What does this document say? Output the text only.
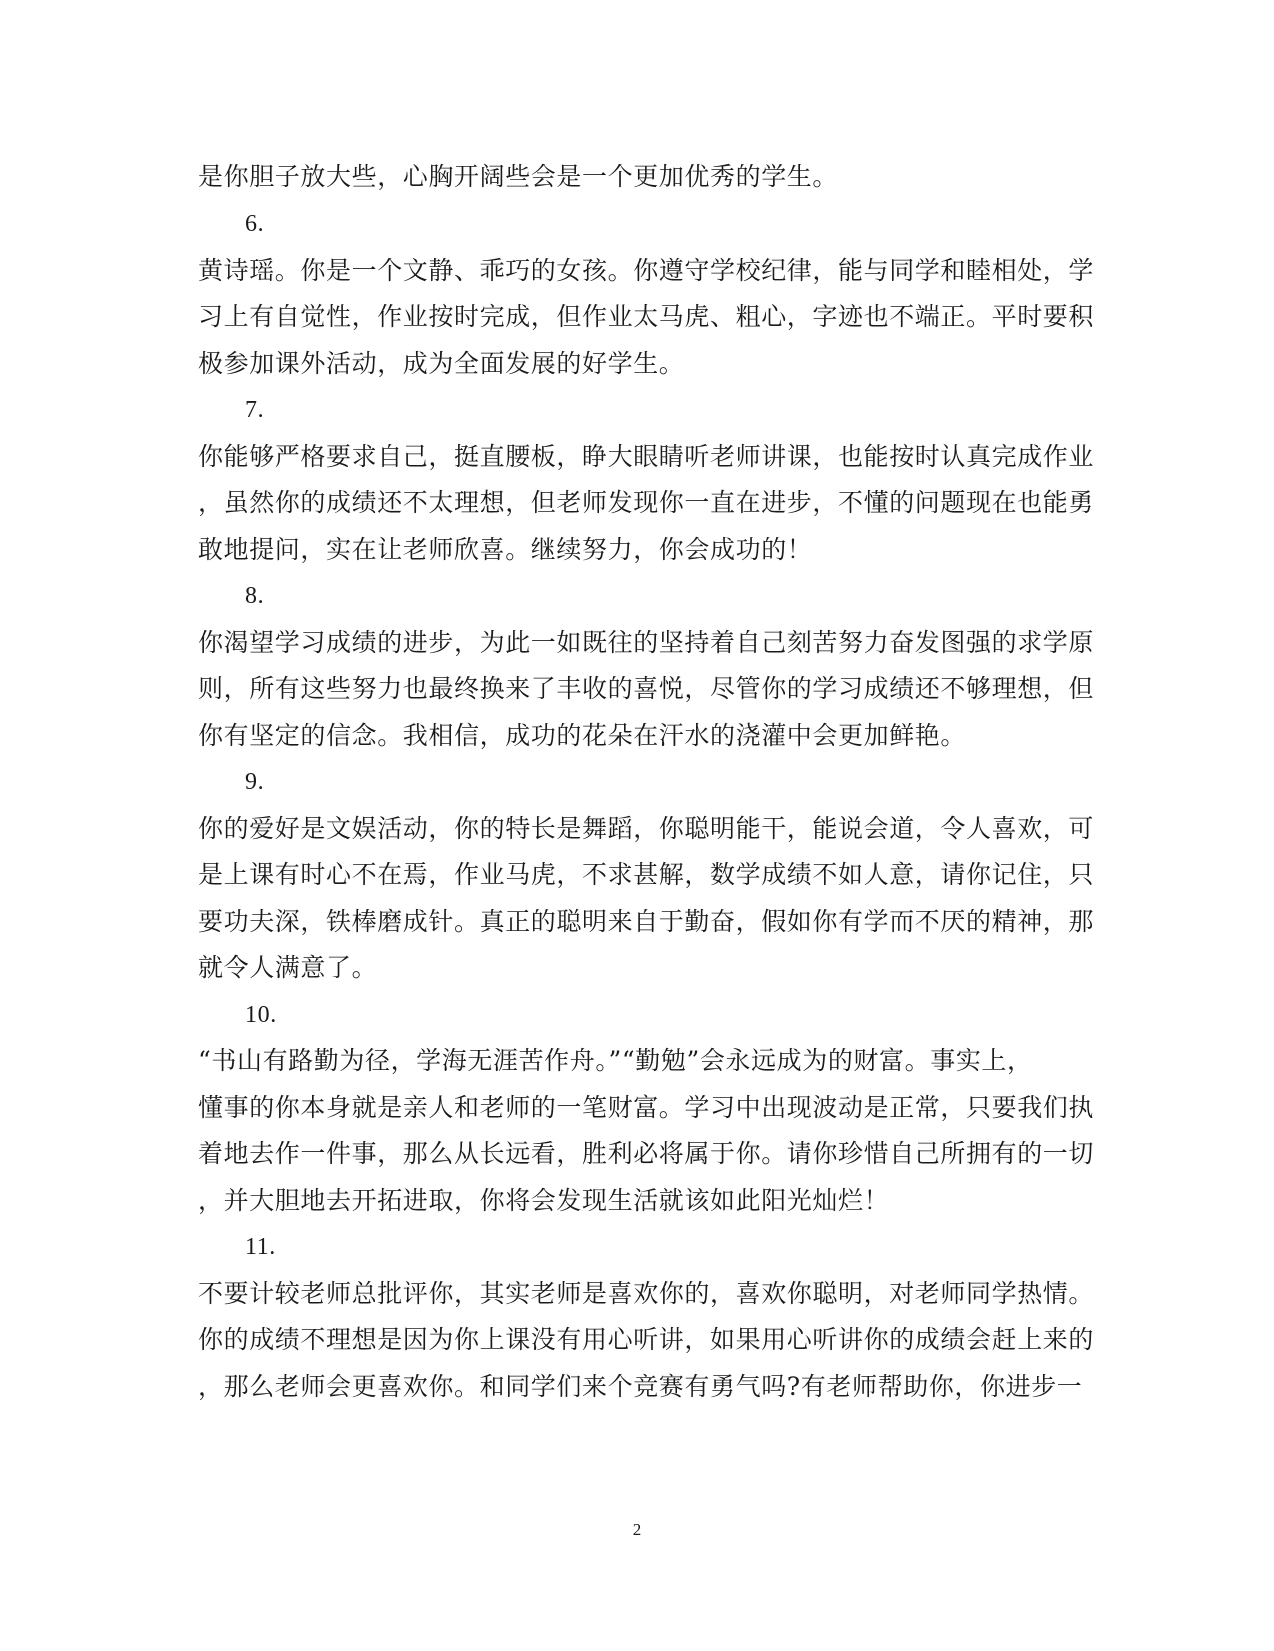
是你胆子放大些，心胸开阔些会是一个更加优秀的学生。
6.
黄诗瑶。你是一个文静、乖巧的女孩。你遵守学校纪律，能与同学和睦相处，学
习上有自觉性，作业按时完成，但作业太马虎、粗心，字迹也不端正。平时要积
极参加课外活动，成为全面发展的好学生。
7.
你能够严格要求自己，挺直腰板，睁大眼睛听老师讲课，也能按时认真完成作业
，虽然你的成绩还不太理想，但老师发现你一直在进步，不懂的问题现在也能勇
敢地提问，实在让老师欣喜。继续努力，你会成功的！
8.
你渴望学习成绩的进步，为此一如既往的坚持着自己刻苦努力奋发图强的求学原
则，所有这些努力也最终换来了丰收的喜悦，尽管你的学习成绩还不够理想，但
你有坚定的信念。我相信，成功的花朵在汗水的浇灌中会更加鲜艳。
9.
你的爱好是文娱活动，你的特长是舞蹈，你聪明能干，能说会道，令人喜欢，可
是上课有时心不在焉，作业马虎，不求甚解，数学成绩不如人意，请你记住，只
要功夫深，铁棒磨成针。真正的聪明来自于勤奋，假如你有学而不厌的精神，那
就令人满意了。
10.
“书山有路勤为径，学海无涯苦作舟。”“勤勉”会永远成为的财富。事实上，
懂事的你本身就是亲人和老师的一笔财富。学习中出现波动是正常，只要我们执
着地去作一件事，那么从长远看，胜利必将属于你。请你珍惜自己所拥有的一切
，并大胆地去开拓进取，你将会发现生活就该如此阳光灿烂！
11.
不要计较老师总批评你，其实老师是喜欢你的，喜欢你聪明，对老师同学热情。
你的成绩不理想是因为你上课没有用心听讲，如果用心听讲你的成绩会赶上来的
，那么老师会更喜欢你。和同学们来个竞赛有勇气吗?有老师帮助你，你进步一
2
